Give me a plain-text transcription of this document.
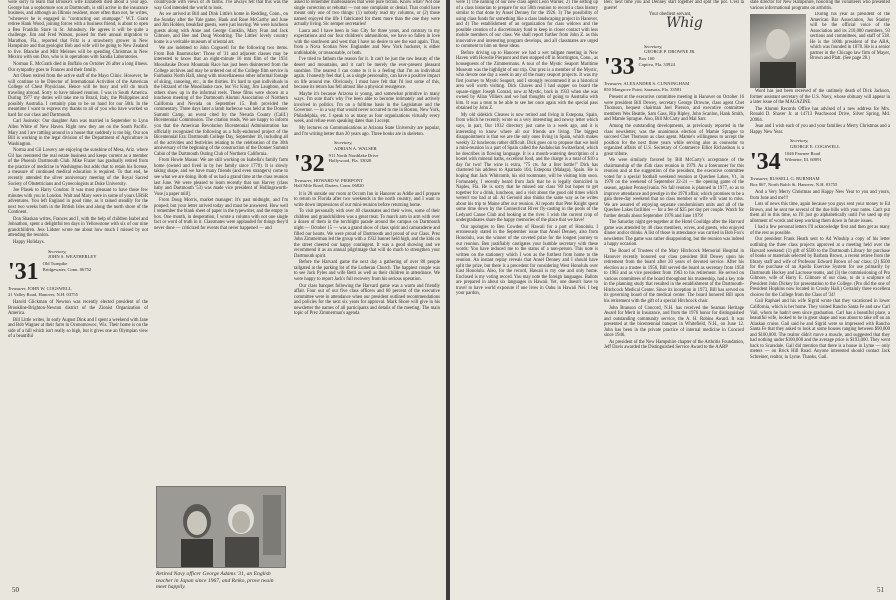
were sorry to learn that Brooke's wife Elizabeth died about a year ago. George has a sophomore son at Dartmouth, is still active in the insurance business, and although an Illinois resident, more often than not, he writes, "whenever he is engaged in "contracting out stumpage." W.T. Grant retiree Hank Wood, joining forces with a business friend, is about to open a Ben Franklin Store in St. Johnsbury. He agrees it will be quite a challenge. Jim and Fred Watson, poised for their annual migration to Marathon, Fla., reported that Fritz is a strawberry grower in New Hampshire and that geologist Bob and wife will be going to New Zealand to live. Blanche and Milt Melenes will be spending Christmas in New Mexico with son Don, who is in operations with Sandia Laboratories.

Norman E. McGrath died in Buffalo on October 26 after a long illness. Our sympathy goes to Frances and their family.

Art Olsen retired from the active staff of the Mayo Clinic. However, he will continue to be Director of International Activities of the American College of Chest Physicians. Hence will be busy and will do much traveling abroad. Sorry to have missed reunion. I was in South America. During 1977 my duties will take me to Brazil, Italy, the Philippines and possibly Australia. I certainly plan to be on hand for our 50th. In the meantime I want to express my thanks to all of you who have worked so hard for our class and Dartmouth.

Carl Josinsky: Our daughter Ann was married in September to Lynn Allen White of New Haven. Right now they are on the South Pacific. Mary and I are rattling around in a house that suddenly is too big. Our son Bill is working in the legal division of the Department of Agriculture in Washington.

Norma and Gil Lowery are enjoying the sunshine of Mesa, Ariz. where Gil has reentered the real estate business and keeps current as a member of the Phoenix Dartmouth Club. Mike Frazer has gradually retired from the practice of medicine in Washington but adds that to retain his license, a measure of continued medical education is required. To that end, he recently attended the silver anniversary meeting of the Royal Sacred Society of Obstetricians and Gynecologists at Duke University.

Joe Plasek to Harry Condon: It was most pleasant to have those few minutes with you in London. Walt and Mary were in some of yours URSR adventures. You left England in good time, as it rained steadily for the next two weeks both in the British Isles and along the north shore of the Continent.

Don Shaskan writes, Frances and I, with the help of children Isabel and Johnathon, spent a delightful ten days in Yellowstone with six of our nine grandchildren. Jess Lidster wrote me about how much I missed by not attending the reunion.

Happy Holidays.

Secretary,
JOHN S. WEATHERLEY
'31 Old Turnpike
Bridgewater, Conn. 06752
Treasurer, JOHN W. COGSWELL
21 Valley Road, Hanover, N.H. 03755

Harold Glickman of Newton was recently elected president of the Brookline-Brighton-Newton district of the Zionist Organization of America.

Bill Little writes, In early August Dink and I spent a weekend with Jane and Bob Wagner at their farm in Oconomowoc, Wis. Their home is on the side of a hill which isn't really so high, but it gives one an Olympian view of a beautiful

countryside with views of 36 farms. I've always felt that this was the way God intended the world to look.

As we arrived at Bill and Dink Little's home in Redding, Conn., on the Sunday after the Yale game, Hank and Rose McCarthy and June and Jim Holden, breakfast guests, were just leaving. We were luncheon guests along with Anne and George Conklin, Mary Fran and Jack Gilmore, and Bee and Doug Woodring. The Littles' lovely country home is a veritable museum of oriental art.

We are indebted to John Cogswell for the following two items. From Bob Baumrucker: Those of '31 and adjacent classes may be interested to know that an eight-minute 16 mm film of the 1931 Moosilauke Down Mountain Race has just been disinterred from the College archives and may be ordered out of the College film service in Fairbanks North Hall, along with miscellaneous other informal footage of skiing, canoeing, etc., in the thirties. It's hard to spot individuals in the blizzard of the Moosilauke race, but Vic King, Jim Laughton, and others show up in the informal reels. These films were shown at a luncheon meeting of the Dartmouth Alumni Association of Northern California and Nevada on September 15. Bob provided the commentary. Three days later a lamb barbecue was held at the Donner Summit Camp, an event cited by the Nevada County (Calif.) Bicentennial Commission. The citation reads, We are happy to inform you that the American Revolution Bicentennial Administration has officially recognized the following as a fully-endorsed project of the Bicentennial Era: Dartmouth College Day, September 18, including all of the activities and festivities relating to the celebration of the 30th anniversary of the beginning of the construction of the Donner Summit Cabin of the Dartmouth Outing Club of Northern California.

From Howie Mason: We are still working on Isabella's family farm home (owned and lived in by her family since 1770). It is slowly taking shape, and we have many friends (and even strangers) come to see what we are doing. Both of us had a grand time at the class reunion last June. We were pleased to learn recently that son Harvey (class baby and Dartmouth '53) was made vice president of Hollingsworth-Vose [a paper mill].

From Doug Morris, market manager: It's past midnight, and I'm pooped; but your letter arrived today and must be answered. How well I remember the blank sheet of paper in the typewriter, and the empty in box. One month, in desperation, I wrote a column with not one single fact or word of truth in it. Classmates were applauded for things they'd never done — criticized for events that never happened — and

Retired Navy officer George Adams '31, an English teacher in Japan since 1967, and Reiko, prove twain meet happily.

asked to remember malfeasances that were pure fiction. Know what? Not one single correction or rebuttal — not one complaint or denial. That could have meant only one of two things: (1) nobody read my columns, or (2) those named enjoyed the life I fabricated for them more than the one they were actually living. Sic semper secretaries!

Laura and I have been in Sun City for three years, and contrary to my expectations and our four children's admonitions, we have so fallen in love with the southwest and west that I have no desire to see the east again. That, from a Nova Scotian New Englander and New York huckster, is either unthinkable, or treasonable, or both.

I've tried to fathom the reason for it. It can't be just the raw beauty of the desert and mountains, and it can't be merely the ever-present pleasant sunshine. The nearest I can come to it is a feeling that I'm an individual again. I honestly feel that I, as a single personality, can have a positive impact on life around me. Obviously, I must have felt that I'd lost some of this, because its return has fell almost like a physical resurgence.

Maybe it's because Arizona is young, and somewhat primitive in many ways. I'm sure that's why I've been able to become intimately and actively involved in politics. I'm on a fulltime basis in the Legislature and the Governor. — in a way that would never occurred to me in Boston, New York, Philadelphia, etc. I speak to as many as four organizations virtually every week, and refuse even speaking dates than I accept.

My lectures on Communications at Arizona State University are popular, and I'm writing better than 20 years ago. Three books are in skeleton.

Secretary,
ADRIAN A. WALSER
'32 911 North Northlake Drive
Hollywood, Fla. 33020
Treasurer, HOWARD W. PIERPONT
Half Mile Road, Darien, Conn. 06820

It is 28 outside our room at Occom Inn in Hanover as Addie and I prepare to return to Florida after two weekends in the north country, and I want to write down impressions of our mini-reunion before returning home.

To visit personally with over 40 classmates and their wives, some of their children and grandchildren was a great treat. To march arm in arm with over a dozen of them in the torchlight parade around the campus on Dartmouth night — October 15 — was a grand show of class spirit and camaraderie and filled our hearts. We were proud of Dartmouth and proud of our Class. Prez John Zimmerman led the group with a 1932 banner held high, and the kids on the street cheered our happy contingent. It was a good showing and we recommend it as an annual pilgrimage that will do much to strengthen your Dartmouth spirit.

Before the Harvard game the next day a gathering of over 80 people tailgated at the parking lot of the Lutheran Church. The happiest couple was to see Jack Pyles and wife Betti as well as their children in attendance. We were happy to report Jack's full recovery from his serious operation.

Our class banquet following the Harvard game was a warm and friendly affair. Four out of our five class officers and 60 percent of the executive committee were in attendance when our president outlined recommendations and policies for the next six years for approval. Mark Shore will give in his newsletter the names of all participants and details of the meeting. The main topic of Prez Zimmerman's agenda

50

were 1) The naming of our new class agent Leon Warner, 2) The setting up of a class historian to prepare for our 50th reunion to record a class history similar to that done by Ansel Denney for the 1926. 3) The possibility of using class funds for something like a class landscaping project in Hanover, and 4) The establishment of an organization for class widows and the possible creation of a discretionary fund to keep in closer contact with less mobile members of our class. We shall report further from John Z. as this innovative and interesting program develops, and all classmates are urged to comment to him on these ideas.

Before driving up to Hanover we had a wet tailgate meeting in New Haven with Howdie Pierpont and then stopped off in Storrington, Conn., as houseguests of the Zimmermans. A tour of the Mystic Seaport Maritime Museum was the highlight of our trip. Our prez is a member of the Mystic, who devote one day a week in any of the many seaport projects. It was my first journey to Mystic Seaport, and I strongly recommend it as a historical area well worth visiting. Dick Chaves and I had supper on board the square-rigger Joseph Conrad, now at Mystic, back in 1933 when she was owned by Allan Villiers and we had thoughts of going to Australia with him. It was a treat to be able to see her once again with the special pass obtained by John Z.

My old sidekick Cleaves is now retired and living in Estepona, Spain, from which he recently wrote us a very interesting and newsy letter which says, in part, Our 1932 directory just came in a week ago, and it is interesting to know where all our friends are living. The biggest disappointment is that we are the only ones living in Spain, which makes weekly 32 luncheons rather difficult. Dick goes on to propose that we hold a mini-reunion in a part of Spain called the Andalucian Switzerland, which he describes in flowing language. It is a mouth-watering description of a hostel with mineral baths, excellent food, and the charge is a total of $10 a day for two! The wine is extra, "75 cts. for a liter bottle!" Dick has chartered his address to Apartado 104, Estepona (Malaga), Spain. He is hoping that Jack Whitcomb, his old roommate, will be visiting him soon. Fortunately, I recently heard from Jack that he is legally domiciled in Naples, Fla. He is sorry that he missed our class '80 but hopes to get together for a drink, luncheon, and a visit about the good old times which weren't too bad at all. Al Gerould also thinks the same way as he writes about his trip to Maine after our reunion. Al reports that Pete Knight spent some time down by the Connecticut River fly-casting in the pools of the Ledyard Canoe Club and looking at the river. I wish the current crop of undergraduates share the happy memories of the place that we have!

Our apologies to Ben Cowden of Hawaii for a part of Honolulu. I erroneously stated in the September issue that Ansel Denney, also from Honolulu, was the winner of the coveted prize for the longest journey to our reunion. Ben justifiably castigates your humble secretary with these words: You have reduced me to the status of a non-person. This note is written on the stationery which I won as the furthest from home to the reunion. An instant replay reveals that Ansel Denney and I should have split the prize, but there is a precedent for considering West Honolulu over East Honolulu. Also, for the record, Hawaii is my one and only home. Enclosed is my voting record. You may note the foreign languages. Ballots are prepared in about six languages in Hawaii. Yet, one doesn't have to travel to have world exposure if one lives in Oahu in Hawaii Nei. I beg your pardon,

Ben; next time you and Denney start together and split the pot. C'est la guerre!

Your obedient servant,

Whig
Secretary,
GEORGE P. DROWNE JR.
'33 Box 160
Captiva, Fla. 33924
Treasurer, ALEXANDER S. CUNNINGHAM
850 Mangrove Point, Sarasota, Fla. 33581

Present at the executive committee meeting in Hanover on October 16 were president Bill Dewey, secretary George Drowne, class agent Chet Thomson, bequest chairman Joel Pierson, and executive committee members Wes Beattie, Sam Gass, Rip Ripley, John Scanlon, Hank Smith, and Mamie Sprague. Also, Bill McCarty and Mal Sarr.

Among the outstanding developments, as previously reported in the class newsletter, was the unanimous election of Mamie Sprague to succeed Chet Thomson as class agent. Mamie's willingness to accept the position for the next three years while serving also as counselor to organized affairs of U.S. Secretary of Commerce Elliot Richardson is a great tribute.

We were similarly favored by Bill McCarty's acceptance of the chairmanship of the 45th class reunion in 1979. As a forerunner for this reunion and at the suggestion of the president, the executive committee voted for a special football weekend reunion at Quechee Lakes, Vt., in 1978 on the weekend of September 22-24 — the opening game of the season, against Pennsylvania. No fall reunion is planned in 1977, so as to improve attendance and prestige in the 1978 affair, which promises to be a gala three-day weekend that no class member or wife will want to miss. We are assured of enjoying separate condominium units and all of the Quechee Lakes facilities — for a fee of $25 per day per couple. Watch for further details about September 1978 and June 1979!

The Saturday night get-together at the Hotel Coolidge after the Harvard game was attended by 40 class members, wives, and guests, who enjoyed dinner and/or drinks. A list of those in attendance was carried in Bob Fox's newsletter. The game was rather disappointing, but the reunion was indeed a happy occasion.

The Board of Trustees of the Mary Hitchcock Memorial Hospital in Hanover recently honored our class president Bill Dewey upon his retirement from the board after 20 years of devoted service. After his election as a trustee in 1956, Bill served the board as secretary from 1958 to 1963 and as vice president from 1963 to his retirement. He served on various committees of the board throughout his trusteeship, had a key role in the planning study that resulted in the establishment of the Dartmouth-Hitchcock Medical Center. Since its inception in 1973, Bill has served on its governing board of the medical center. The board honored Bill upon his retirement with the gift of a special Hitchcock chair.

John Branson of Concord, N.H. has received the Seaman Heritage Award for Merit in Insurance, and from the 1976 honor for distinguished and outstanding community service, the A. H. Robins Award. It was presented at the bicentennial banquet in Whitefield, N.H., on June 12. John has been in the private practice of internal medicine in Concord since 1946.

As president of the New Hampshire chapter of the Arthritis Foundation, Jeff Davis awarded the Distinguished Service Award to the AARP

state director for New Hampshire, honoring the volunteers who presented various informational programs on arthritis.

During his year as president of the American Bar Association, Jus Stanley will be the official voice of the Association and its 210,000 members, 93 sections and committees, and staff of 538. He is the 100th president of the ABA, which was founded in 1878. He is a senior partner in the Chicago law firm of Mayer, Brown and Platt. (See page 28.)

Word has just been received of the untimely death of Dick Jackson, former assistant secretary of the U.S. Navy, whose obituary will appear in a later issue of the MAGAZINE.

The Alumni Records Office has advised of a new address for Mrs. Ronald D. Shaver Jr. at 14713 Peachwood Drive, Silver Spring, Md. 20904.

Jean and I wish each of you and your families a Merry Christmas and a Happy New Year.

Secretary,
GEORGE E. COGSWELL
'34 1046 Pawnee Road
Wilmette, Ill. 60091
Treasurer, RUSSELL G. BURNHAM
Box 867, North Balch St. Hanover, N.H. 03755

And a Very Merry Christmas and Happy New Year to you and yours, from June and me!!!

Lots of news this time, again because you guys sent your money to Ed Brown, and he sent me several of the due bills with your notes. Can't put them all in this time, so I'll just go alphabetically until I've used up my allotment of words and keep working them down in future issues.

I had a few personal letters I'll acknowledge first and then get as many of the rest as possible.

Our president Frank Heath sent to Ad Winship a copy of his letter outlining the three class projects approved at a meeting held over the Harvard weekend: (1) gift of $500 to the Dartmouth Library for purchase of books or materials selected by Barbara Brown, a recent retiree from the library staff and wife of Professor Edward Brown of our class; (2) $500 for the purchase of an Apollo Exercise System for use primarily by Dartmouth Hockey and Lacrosse teams, and (3) the commissioning of Pro Gilmore, wife of Harry E. Gilmore of our class, to do a sculpture of President John Dickey for presentation to the College. (Pro did the one of President Hopkins now located in Crosby Hall.) Certainly three excellent choices for the College from the Class of '34!

Gail Raphael and his wife Sigrid wrote that they vacationed in lower California, which is her home. They visited Rancho Santa Fe and saw Carl Vail, whom he hadn't seen since graduation. Carl has a beautiful place, a beautiful wife, looked to be in great shape and was about to take off on an Alaskan cruise. Gail said he and Sigrid were so impressed with Rancho Santa Fe that they asked to look at some houses ranging between $90,000 and $100,000. The realtor didn't move a muscle, and suggested that they had nothing under $100,000 and the average price is $193,000. They went back to Scarsdale. Gail did mention that there is a house in Lyme — only meters — on Brick Hill Road. Anyone interested should contact Jack Schreiner, realtor, in Lyme. Thanks, Gail.

51
